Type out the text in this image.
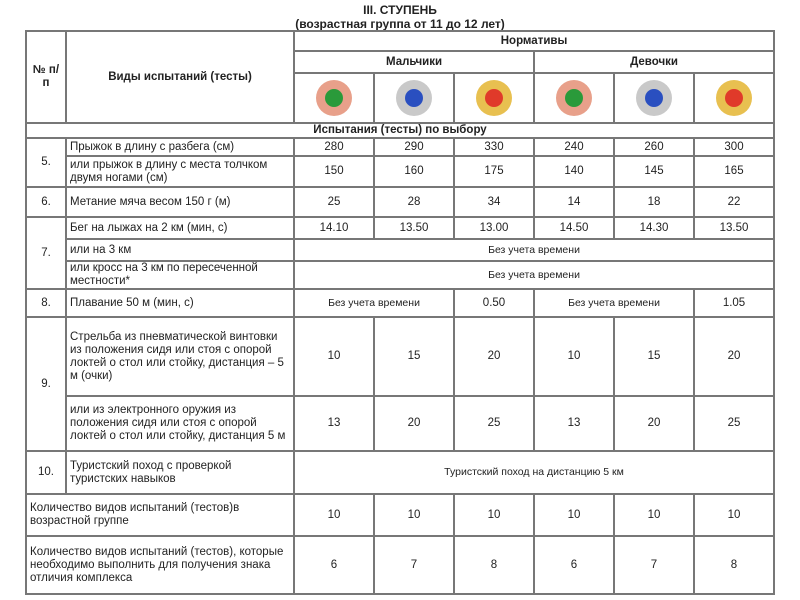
III. СТУПЕНЬ
(возрастная группа от 11 до 12 лет)
№ п/п	Виды испытаний (тесты)	Нормативы					
		Мальчики			Девочки		

Испытания (тесты) по выбору							
5.	Прыжок в длину с разбега (см)	280	290	330	240	260	300
	или прыжок в длину с места толчком двумя ногами (см)	150	160	175	140	145	165
6.	Метание мяча весом 150 г (м)	25	28	34	14	18	22
7.	Бег на лыжах на 2 км (мин, с)	14.10	13.50	13.00	14.50	14.30	13.50
	или на 3 км	Без учета времени					
	или кросс на 3 км по пересеченной местности*	Без учета времени					
8.	Плавание 50 м (мин, с)	Без учета времени		0.50	Без учета времени		1.05
9.	Стрельба из пневматической винтовки из положения сидя или стоя с опорой локтей о стол или стойку, дистанция – 5 м (очки)	10	15	20	10	15	20
	или из электронного оружия из положения сидя или стоя с опорой локтей о стол или стойку, дистанция 5 м	13	20	25	13	20	25
10.	Туристский поход с проверкой туристских навыков	Туристский поход на дистанцию 5 км					
Количество видов испытаний (тестов)в возрастной группе		10	10	10	10	10	10
Количество видов испытаний (тестов), которые необходимо выполнить для получения знака отличия комплекса		6	7	8	6	7	8
